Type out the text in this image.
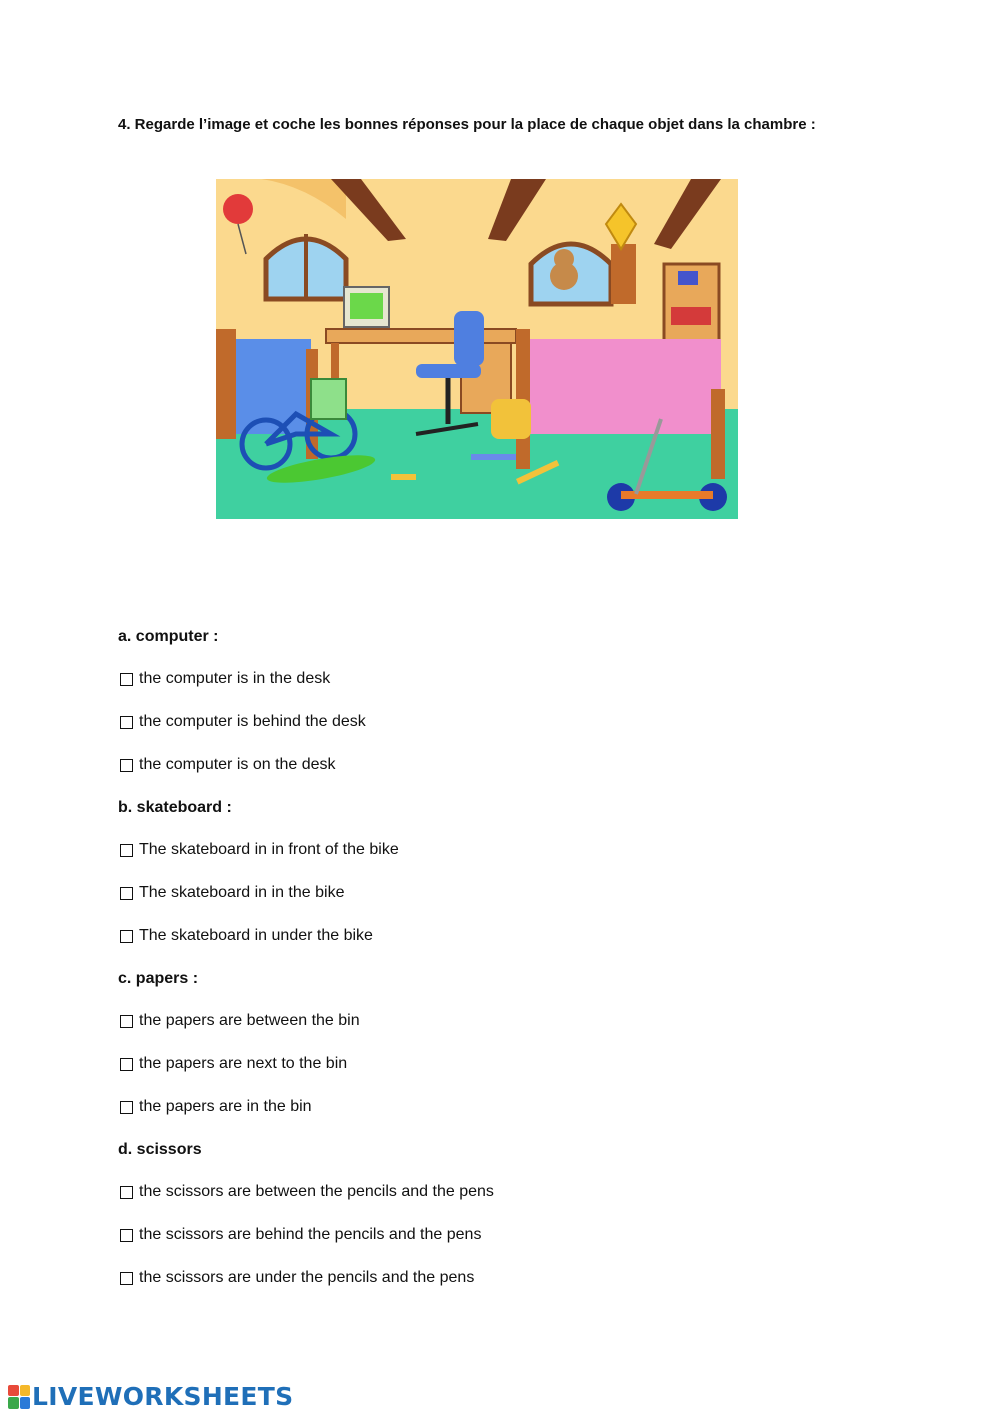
4. Regarde l’image et coche les bonnes réponses pour la place de chaque objet dans la chambre :
a. computer :
the computer is in the desk
the computer is behind the desk
the computer is on the desk
b. skateboard :
The skateboard in in front of the bike
The skateboard in in the bike
The skateboard in under the bike
c. papers :
the papers are between the bin
the papers are next to the bin
the papers are in the bin
d. scissors
the scissors are between the pencils and the pens
the scissors are behind the pencils and the pens
the scissors are under the pencils and the pens
LIVEWORKSHEETS
